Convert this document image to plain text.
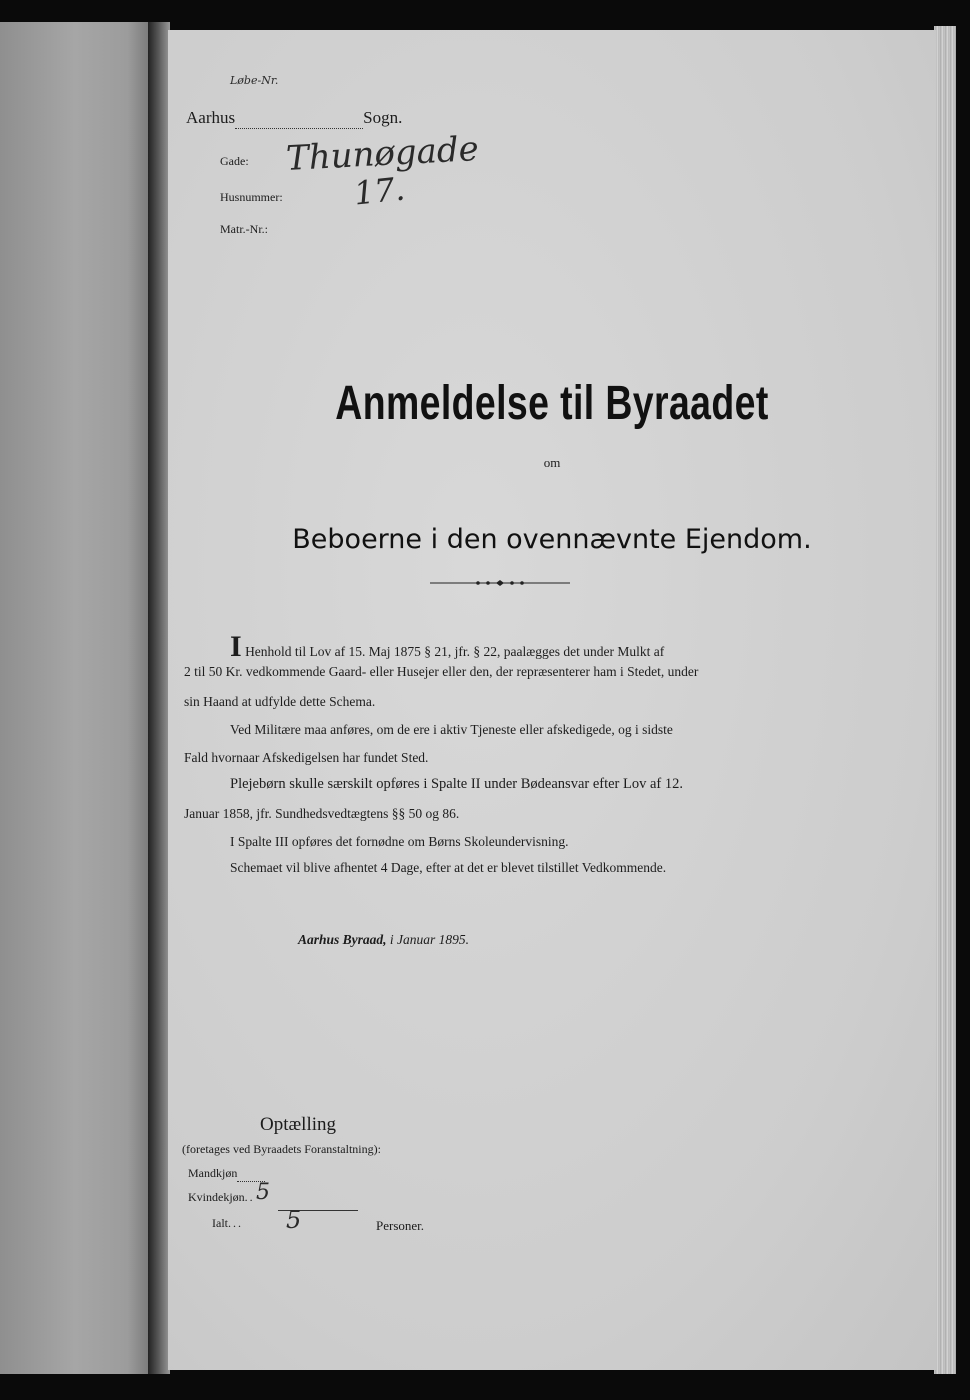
Løbe-Nr.
Aarhus	Sogn.
Gade: Thunøgade
Husnummer: 17.
Matr.-Nr.:
Anmeldelse til Byraadet
om
Beboerne i den ovennævnte Ejendom.
I Henhold til Lov af 15. Maj 1875 § 21, jfr. § 22, paalægges det under Mulkt af
2 til 50 Kr. vedkommende Gaard- eller Husejer eller den, der repræsenterer ham i Stedet, under
sin Haand at udfylde dette Schema.
Ved Militære maa anføres, om de ere i aktiv Tjeneste eller afskedigede, og i sidste
Fald hvornaar Afskedigelsen har fundet Sted.
Plejebørn skulle særskilt opføres i Spalte II under Bødeansvar efter Lov af 12.
Januar 1858, jfr. Sundhedsvedtægtens §§ 50 og 86.
I Spalte III opføres det fornødne om Børns Skoleundervisning.
Schemaet vil blive afhentet 4 Dage, efter at det er blevet tilstillet Vedkommende.
Aarhus Byraad, i Januar 1895.
Optælling
(foretages ved Byraadets Foranstaltning):
Mandkjøn
Kvindekjøn.. 5
Ialt... 5	Personer.
